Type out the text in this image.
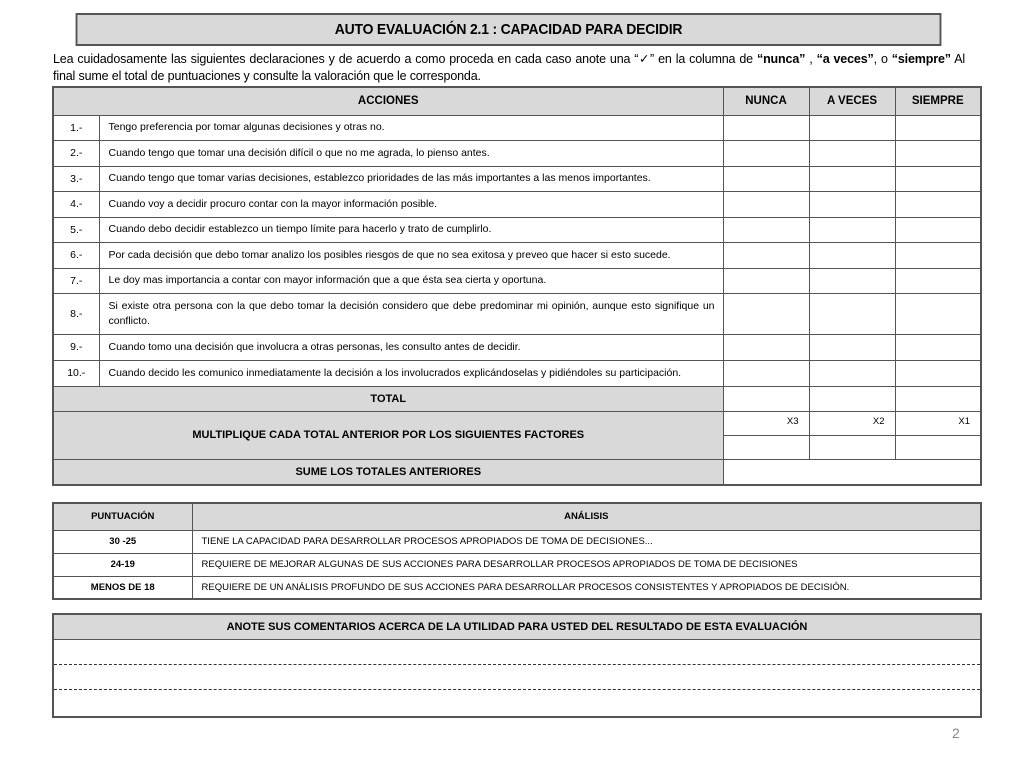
AUTO EVALUACIÓN 2.1 : CAPACIDAD PARA DECIDIR
Lea cuidadosamente las siguientes declaraciones y de acuerdo a como proceda en cada caso anote una “✓” en la columna de “nunca” , “a veces”, o “siempre” Al final sume el total de puntuaciones y consulte la valoración que le corresponda.
ACCIONES		NUNCA	A VECES	SIEMPRE
1.-	Tengo preferencia por tomar algunas decisiones y otras no.			
2.-	Cuando tengo que tomar una decisión difícil o que no me agrada, lo pienso antes.			
3.-	Cuando tengo que tomar varias decisiones, establezco prioridades de las más importantes a las menos importantes.			
4.-	Cuando voy a decidir procuro contar con la mayor información posible.			
5.-	Cuando debo decidir establezco un tiempo límite para hacerlo y trato de cumplirlo.			
6.-	Por cada decisión que debo tomar analizo los posibles riesgos de que no sea exitosa y preveo que hacer si esto sucede.			
7.-	Le doy mas importancia a contar con mayor información que a que ésta sea cierta y oportuna.			
8.-	Si existe otra persona con la que debo tomar la decisión considero que debe predominar mi opinión, aunque esto signifique un conflicto.			
9.-	Cuando tomo una decisión que involucra a otras personas, les consulto antes de decidir.			
10.-	Cuando decido les comunico inmediatamente la decisión a los involucrados explicándoselas y pidiéndoles su participación.			
TOTAL				
MULTIPLIQUE CADA TOTAL ANTERIOR POR LOS SIGUIENTES FACTORES		X3	X2	X1

SUME LOS TOTALES ANTERIORES				
PUNTUACIÓN	ANÁLISIS
30 -25	TIENE LA CAPACIDAD PARA DESARROLLAR PROCESOS APROPIADOS DE TOMA DE DECISIONES...
24-19	REQUIERE DE MEJORAR ALGUNAS DE SUS ACCIONES PARA DESARROLLAR PROCESOS APROPIADOS DE TOMA DE DECISIONES
MENOS DE 18	REQUIERE DE UN ANÁLISIS PROFUNDO DE SUS ACCIONES PARA DESARROLLAR PROCESOS CONSISTENTES Y APROPIADOS DE DECISIÓN.
ANOTE SUS COMENTARIOS ACERCA DE LA UTILIDAD PARA USTED DEL RESULTADO DE ESTA EVALUACIÓN
2
